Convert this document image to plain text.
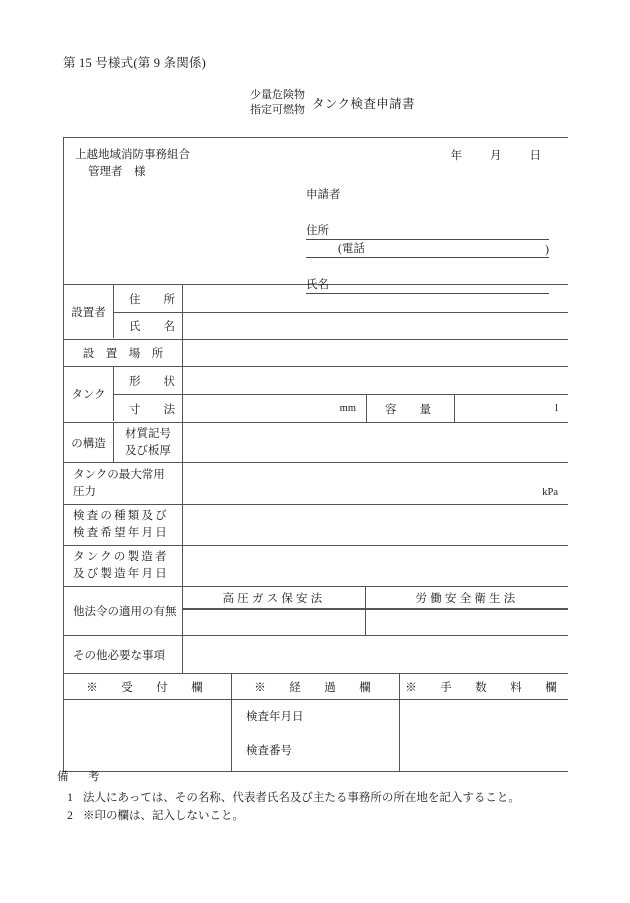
第 15 号様式(第 9 条関係)
少量危険物
指定可燃物 タンク検査申請書
上越地域消防事務組合
管理者　様
年 月 日
申請者
住所
(電話	)
氏名
設置者
住　　所
氏　　名
設　置　場　所
タンク
形　　状
寸　　法	mm	容　　量	l
の構造
材質記号
及び板厚
タンクの最大常用
圧力	kPa
検査の種類及び
検査希望年月日
タンクの製造者
及び製造年月日
他法令の適用の有無
高圧ガス保安法	労働安全衛生法
その他必要な事項
※　受　付　欄	※　経　過　欄 ※　手　数　料　欄
検査年月日
検査番号
備　考
1 法人にあっては、その名称、代表者氏名及び主たる事務所の所在地を記入すること。
2 ※印の欄は、記入しないこと。
